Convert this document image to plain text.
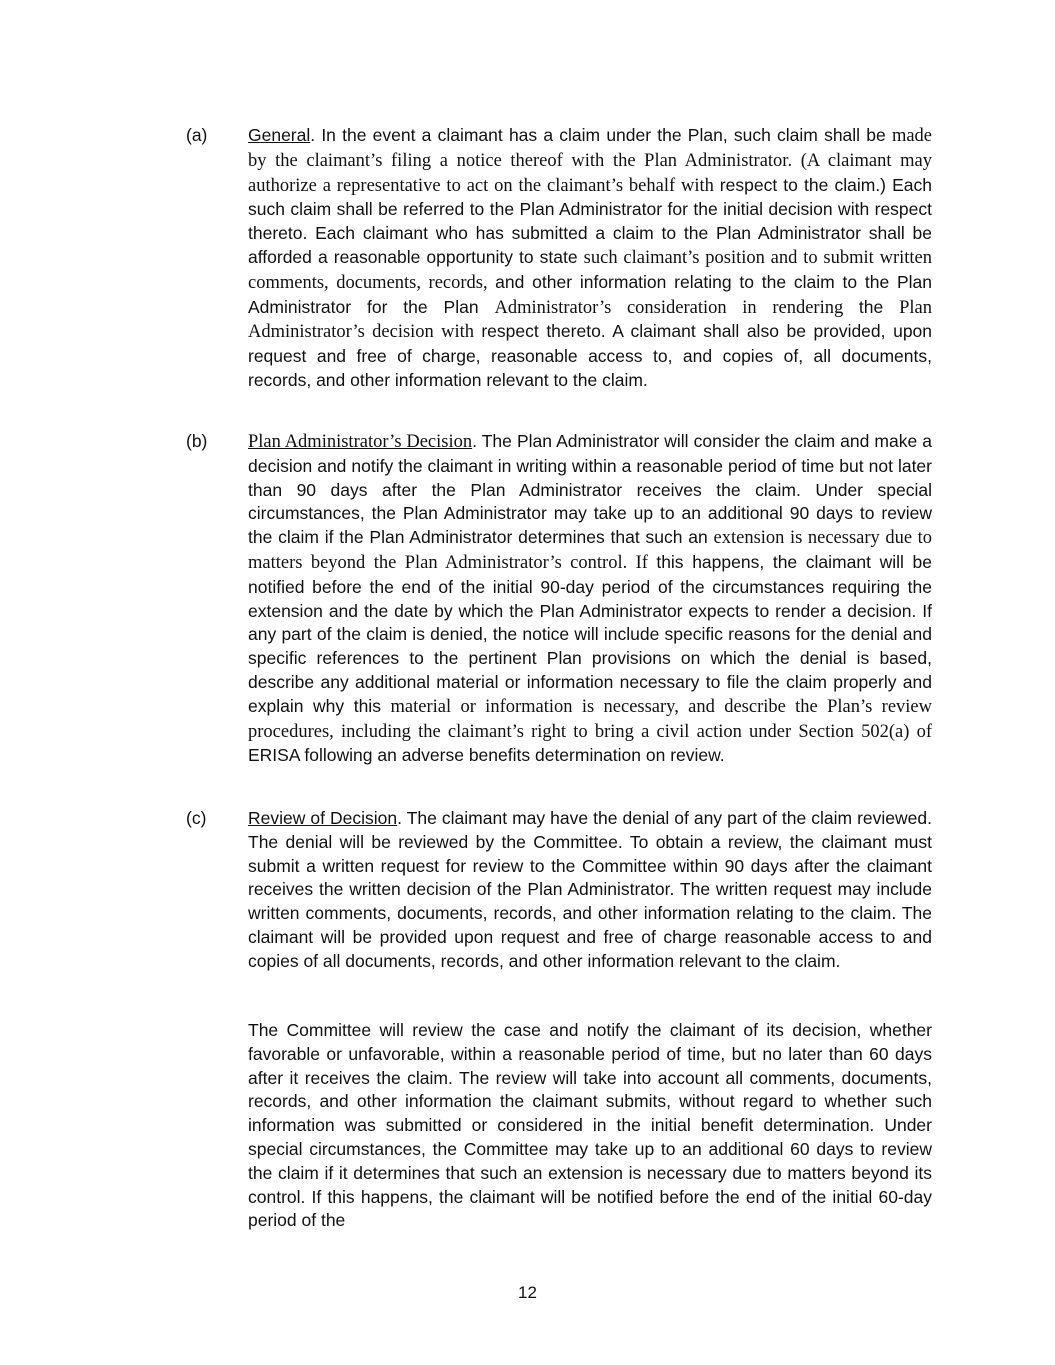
(a) General. In the event a claimant has a claim under the Plan, such claim shall be made by the claimant’s filing a notice thereof with the Plan Administrator. (A claimant may authorize a representative to act on the claimant’s behalf with respect to the claim.) Each such claim shall be referred to the Plan Administrator for the initial decision with respect thereto. Each claimant who has submitted a claim to the Plan Administrator shall be afforded a reasonable opportunity to state such claimant’s position and to submit written comments, documents, records, and other information relating to the claim to the Plan Administrator for the Plan Administrator’s consideration in rendering the Plan Administrator’s decision with respect thereto. A claimant shall also be provided, upon request and free of charge, reasonable access to, and copies of, all documents, records, and other information relevant to the claim.
(b) Plan Administrator’s Decision. The Plan Administrator will consider the claim and make a decision and notify the claimant in writing within a reasonable period of time but not later than 90 days after the Plan Administrator receives the claim. Under special circumstances, the Plan Administrator may take up to an additional 90 days to review the claim if the Plan Administrator determines that such an extension is necessary due to matters beyond the Plan Administrator’s control. If this happens, the claimant will be notified before the end of the initial 90-day period of the circumstances requiring the extension and the date by which the Plan Administrator expects to render a decision. If any part of the claim is denied, the notice will include specific reasons for the denial and specific references to the pertinent Plan provisions on which the denial is based, describe any additional material or information necessary to file the claim properly and explain why this material or information is necessary, and describe the Plan’s review procedures, including the claimant’s right to bring a civil action under Section 502(a) of ERISA following an adverse benefits determination on review.
(c) Review of Decision. The claimant may have the denial of any part of the claim reviewed. The denial will be reviewed by the Committee. To obtain a review, the claimant must submit a written request for review to the Committee within 90 days after the claimant receives the written decision of the Plan Administrator. The written request may include written comments, documents, records, and other information relating to the claim. The claimant will be provided upon request and free of charge reasonable access to and copies of all documents, records, and other information relevant to the claim.
The Committee will review the case and notify the claimant of its decision, whether favorable or unfavorable, within a reasonable period of time, but no later than 60 days after it receives the claim. The review will take into account all comments, documents, records, and other information the claimant submits, without regard to whether such information was submitted or considered in the initial benefit determination. Under special circumstances, the Committee may take up to an additional 60 days to review the claim if it determines that such an extension is necessary due to matters beyond its control. If this happens, the claimant will be notified before the end of the initial 60-day period of the
12
